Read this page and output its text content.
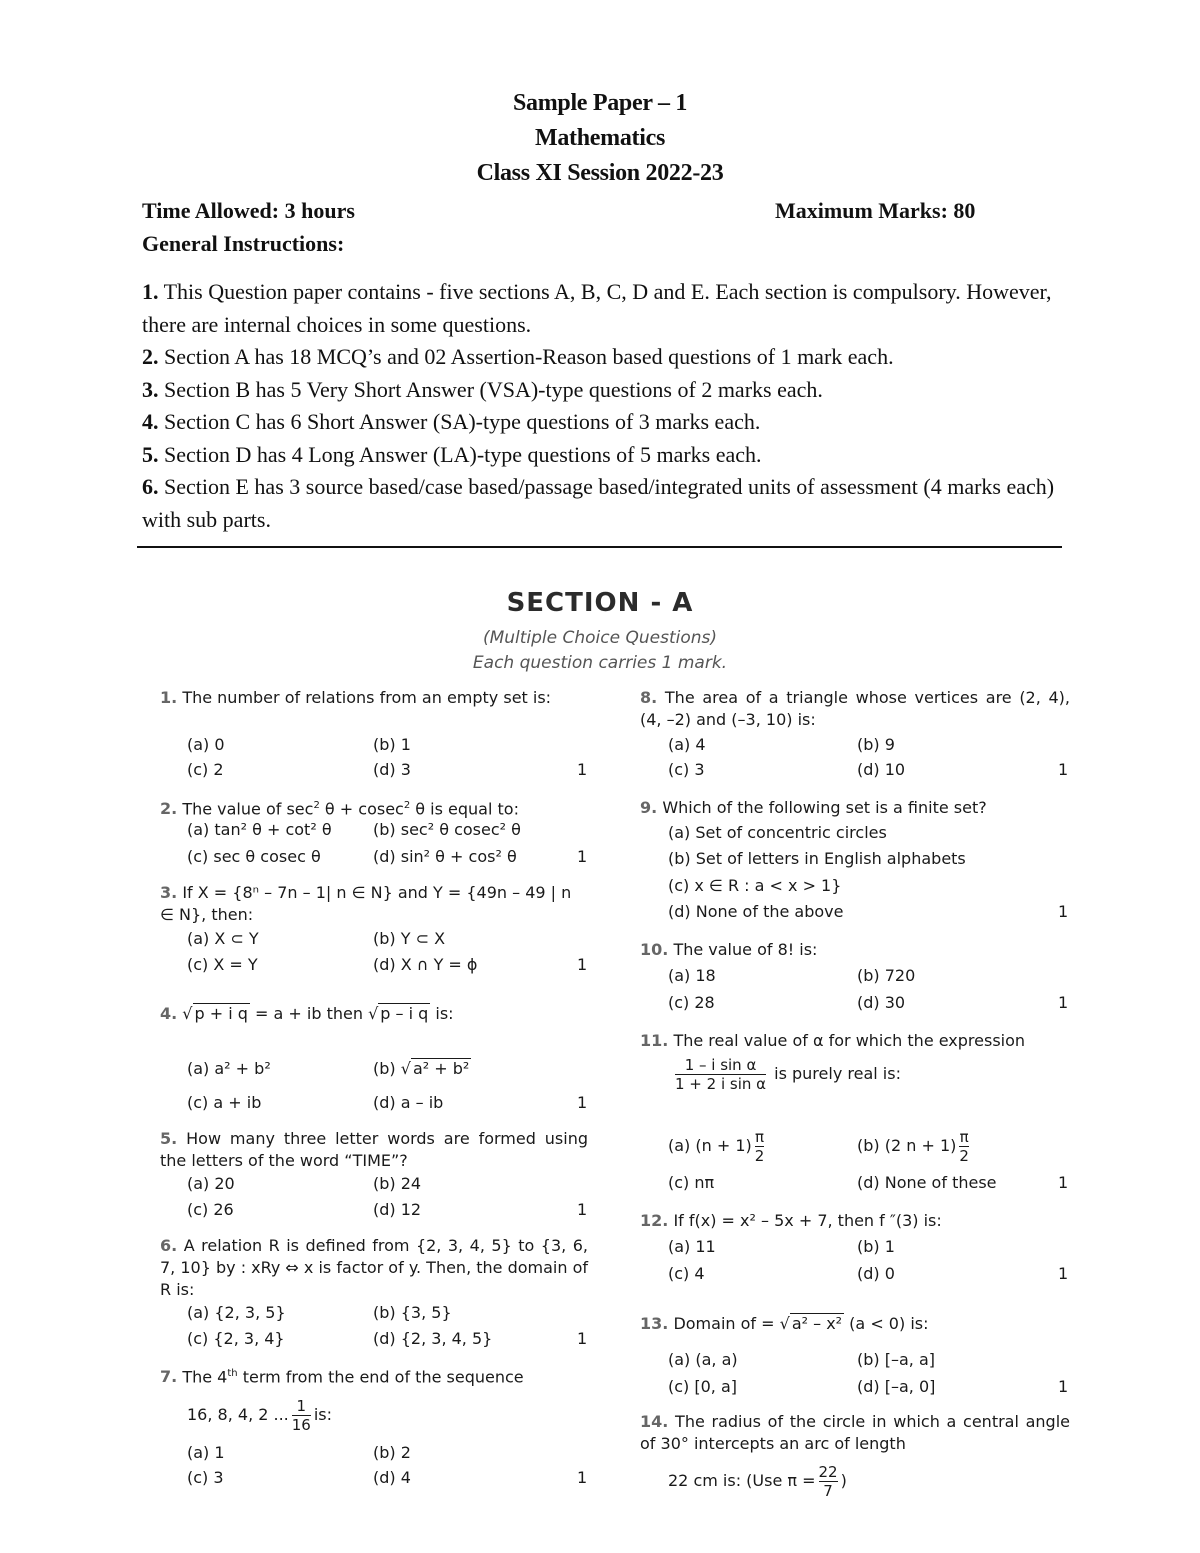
Sample Paper – 1
Mathematics
Class XI Session 2022-23
Time Allowed: 3 hours	Maximum Marks: 80
General Instructions:
1. This Question paper contains - five sections A, B, C, D and E. Each section is compulsory. However, there are internal choices in some questions.
2. Section A has 18 MCQ’s and 02 Assertion-Reason based questions of 1 mark each.
3. Section B has 5 Very Short Answer (VSA)-type questions of 2 marks each.
4. Section C has 6 Short Answer (SA)-type questions of 3 marks each.
5. Section D has 4 Long Answer (LA)-type questions of 5 marks each.
6. Section E has 3 source based/case based/passage based/integrated units of assessment (4 marks each) with sub parts.
SECTION - A
(Multiple Choice Questions)
Each question carries 1 mark.
1. The number of relations from an empty set is:
(a) 0	(b) 1
(c) 2	(d) 3	1
2. The value of $\sec^2 \theta + cosec^2$ θ is equal to:
(a) tan² θ + cot² θ	(b) sec² θ cosec² θ
(c) sec θ cosec θ	(d) sin² θ + cos² θ	1
3. If X = {8ⁿ – 7n – 1| n ∈ N} and Y = {49n – 49 | n ∈ N}, then:
(a) X ⊂ Y	(b) Y ⊂ X
(c) X = Y	(d) X ∩ Y = ϕ	1
4. √ p + i q = a + ib then √ p – i q is:
(a) a² + b²	(b) √ a² + b²
(c) a + ib	(d) a – ib	1
5. How many three letter words are formed using the letters of the word “TIME”?
(a) 20	(b) 24
(c) 26	(d) 12	1
6. A relation R is defined from {2, 3, 4, 5} to {3, 6, 7, 10} by : xRy ⇔ x is factor of y. Then, the domain of R is:
(a) {2, 3, 5}	(b) {3, 5}
(c) {2, 3, 4}	(d) {2, 3, 4, 5}	1
7. The 4th term from the end of the sequence
16, 8, 4, 2 ... $\frac{1}{16}$ is:
(a) 1	(b) 2
(c) 3	(d) 4	1
8. The area of a triangle whose vertices are (2, 4), (4, –2) and (–3, 10) is:
(a) 4	(b) 9
(c) 3	(d) 10	1
9. Which of the following set is a finite set?
(a) Set of concentric circles
(b) Set of letters in English alphabets
(c) x ∈ R : a < x > 1}
(d) None of the above	1
10. The value of 8! is:
(a) 18	(b) 720
(c) 28	(d) 30	1
11. The real value of α for which the expression
$\frac{\text{1 – i sin α}}{\text{1 + 2 i sin α}}$ is purely real is:
(a) $(n + 1) \frac{\pi}{2}$	(b) (2 $n + 1) \frac{\pi}{2}$
(c) nπ	(d) None of these	1
12. If f(x) = x² – 5x + 7, then f ″(3) is:
(a) 11	(b) 1
(c) 4	(d) 0	1
13. Domain of = √ a² – x² (a < 0) is:
(a) (a, a)	(b) [–a, a]
(c) [0, a]	(d) [–a, 0]	1
14. The radius of the circle in which a central angle of 30° intercepts an arc of length
22 cm is: (Use $\pi = \frac{22}{7}$ )
